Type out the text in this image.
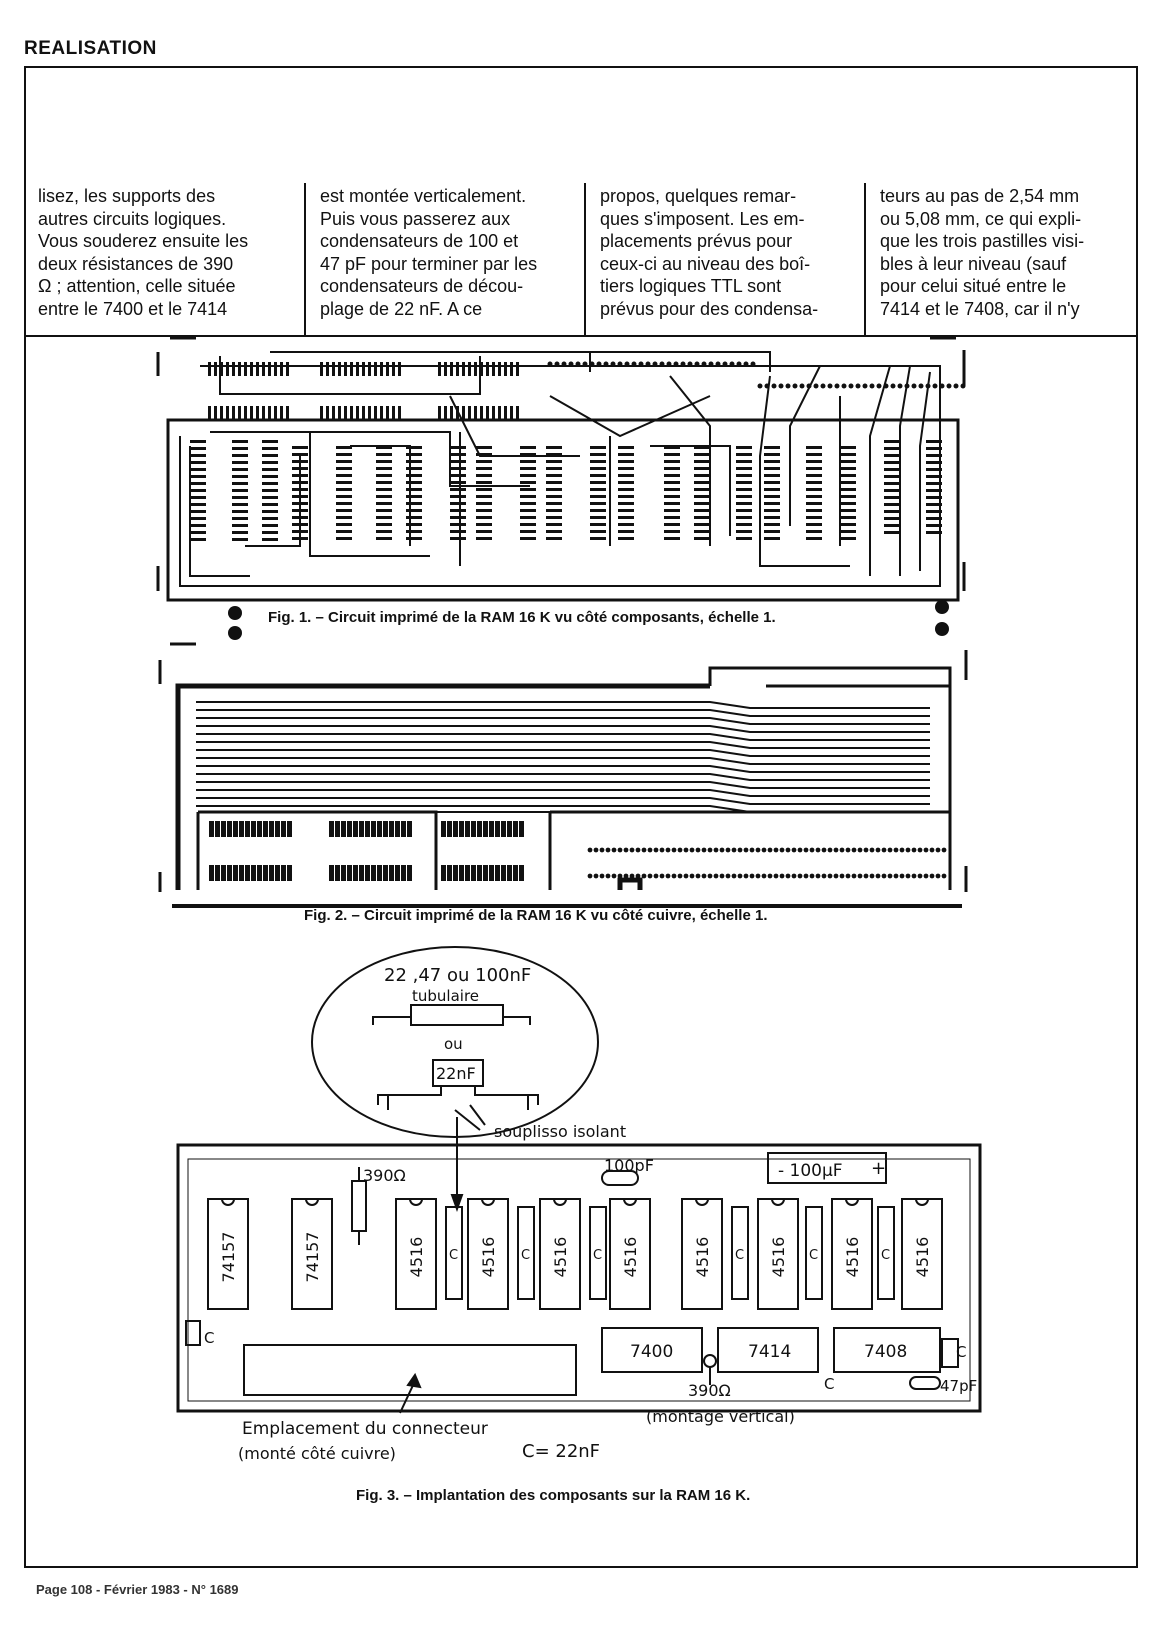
REALISATION
lisez, les supports des
autres circuits logiques.
Vous souderez ensuite les
deux résistances de 390
Ω ; attention, celle située
entre le 7400 et le 7414
est montée verticalement.
Puis vous passerez aux
condensateurs de 100 et
47 pF pour terminer par les
condensateurs de décou-
plage de 22 nF. A ce
propos, quelques remar-
ques s'imposent. Les em-
placements prévus pour
ceux-ci au niveau des boî-
tiers logiques TTL sont
prévus pour des condensa-
teurs au pas de 2,54 mm
ou 5,08 mm, ce qui expli-
que les trois pastilles visi-
bles à leur niveau (sauf
pour celui situé entre le
7414 et le 7408, car il n'y
Fig. 1. – Circuit imprimé de la RAM 16 K vu côté composants, échelle 1.
Fig. 2. – Circuit imprimé de la RAM 16 K vu côté cuivre, échelle 1.
74157	74157	4516	4516	4516	4516	4516	4516	4516	4516
C	C	C	C	C	C
22 ,47 ou 100nF
tubulaire
ou
22nF
souplisso isolant
390Ω
100pF	- 100μF +
7400	7414	7408
C
C
C
390Ω	47pF
(montage vertical)
Emplacement du connecteur
(monté côté cuivre)	C= 22nF
Fig. 3. – Implantation des composants sur la RAM 16 K.
Page 108 - Février 1983 - N° 1689
